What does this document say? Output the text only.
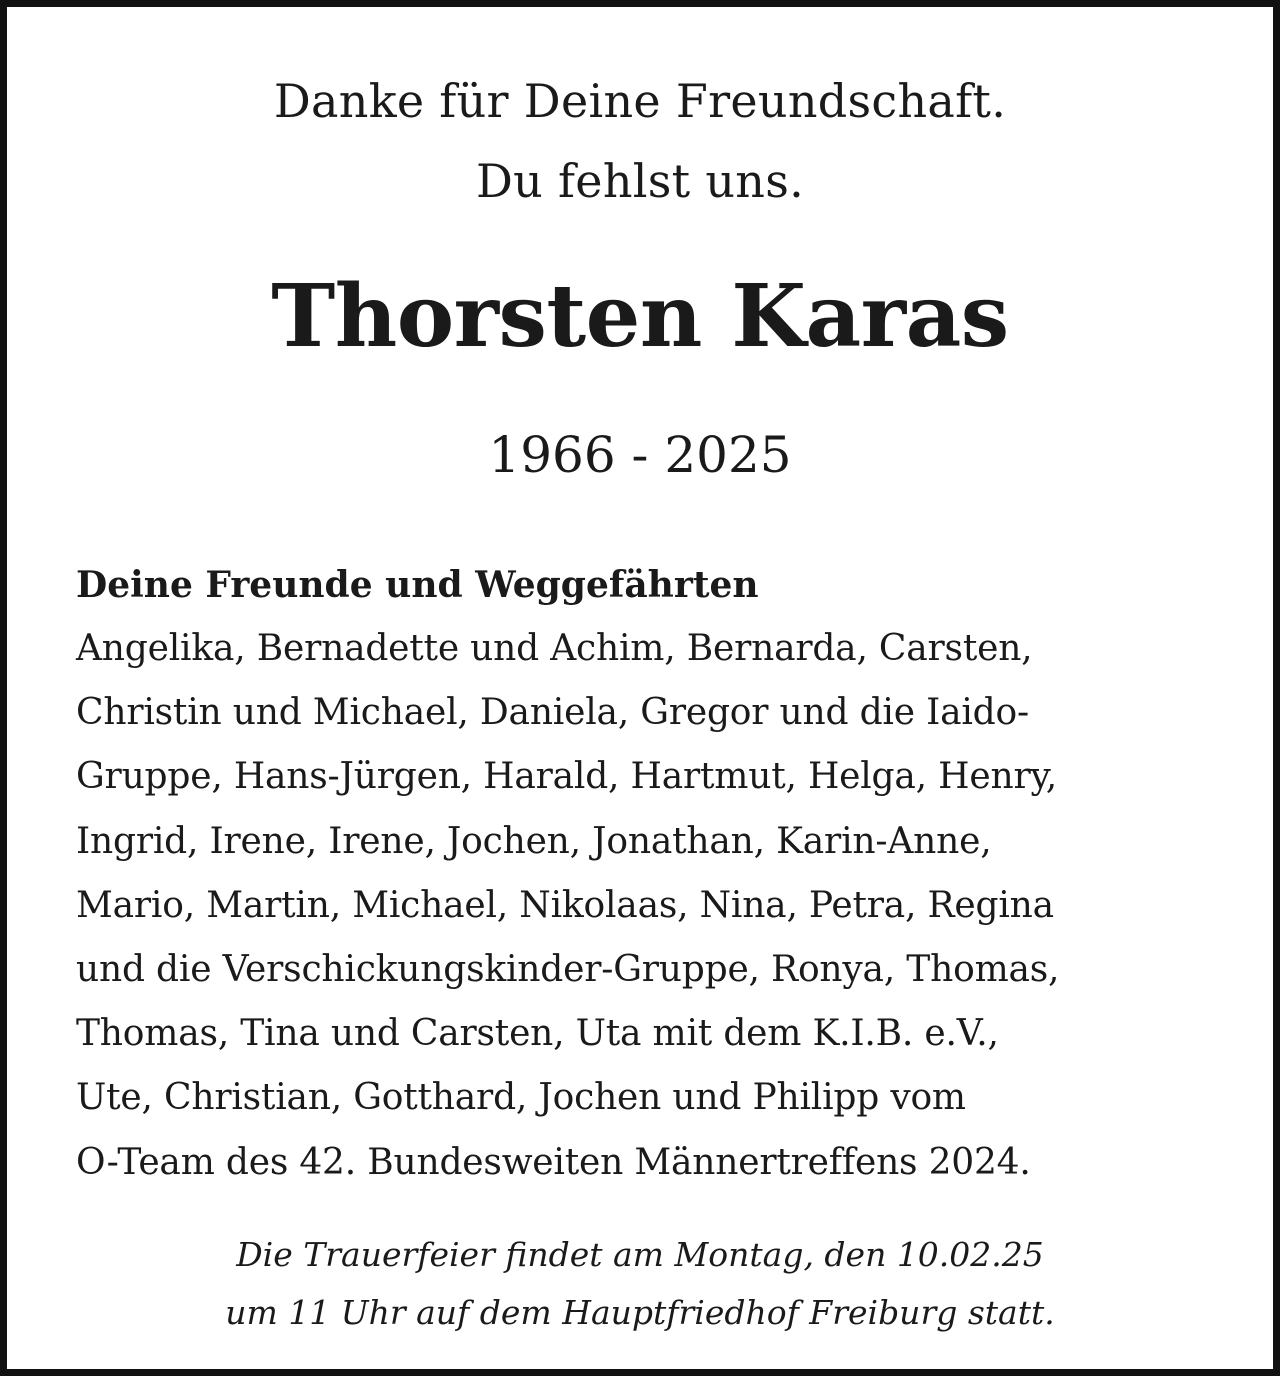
Danke für Deine Freundschaft.

Du fehlst uns.

Thorsten Karas

1966 - 2025

Deine Freunde und Weggefährten

Angelika, Bernadette und Achim, Bernarda, Carsten,

Christin und Michael, Daniela, Gregor und die Iaido-

Gruppe, Hans-Jürgen, Harald, Hartmut, Helga, Henry,

Ingrid, Irene, Irene, Jochen, Jonathan, Karin-Anne,

Mario, Martin, Michael, Nikolaas, Nina, Petra, Regina

und die Verschickungskinder-Gruppe, Ronya, Thomas,

Thomas, Tina und Carsten, Uta mit dem K.I.B. e.V.,

Ute, Christian, Gotthard, Jochen und Philipp vom

O-Team des 42. Bundesweiten Männertreffens 2024.

Die Trauerfeier findet am Montag, den 10.02.25

um 11 Uhr auf dem Hauptfriedhof Freiburg statt.
